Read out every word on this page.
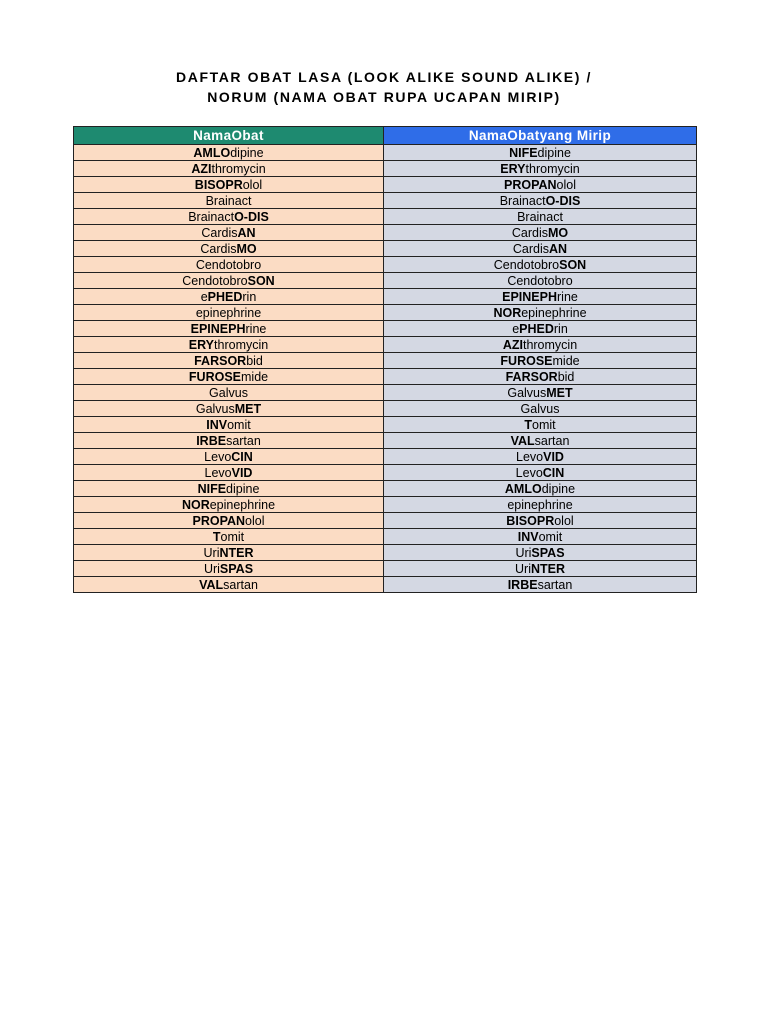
DAFTAR OBAT LASA (LOOK ALIKE SOUND ALIKE) /
NORUM (NAMA OBAT RUPA UCAPAN MIRIP)
NamaObat	NamaObatyang Mirip
AMLOdipine	NIFEdipine
AZIthromycin	ERYthromycin
BISOPRolol	PROPANolol
Brainact	BrainactO-DIS
BrainactO-DIS	Brainact
CardisAN	CardisMO
CardisMO	CardisAN
Cendotobro	CendotobroSON
CendotobroSON	Cendotobro
ePHEDrin	EPINEPHrine
epinephrine	NORepinephrine
EPINEPHrine	ePHEDrin
ERYthromycin	AZIthromycin
FARSORbid	FUROSEmide
FUROSEmide	FARSORbid
Galvus	GalvusMET
GalvusMET	Galvus
INVomit	Tomit
IRBEsartan	VALsartan
LevoCIN	LevoVID
LevoVID	LevoCIN
NIFEdipine	AMLOdipine
NORepinephrine	epinephrine
PROPANolol	BISOPRolol
Tomit	INVomit
UriNTER	UriSPAS
UriSPAS	UriNTER
VALsartan	IRBEsartan
